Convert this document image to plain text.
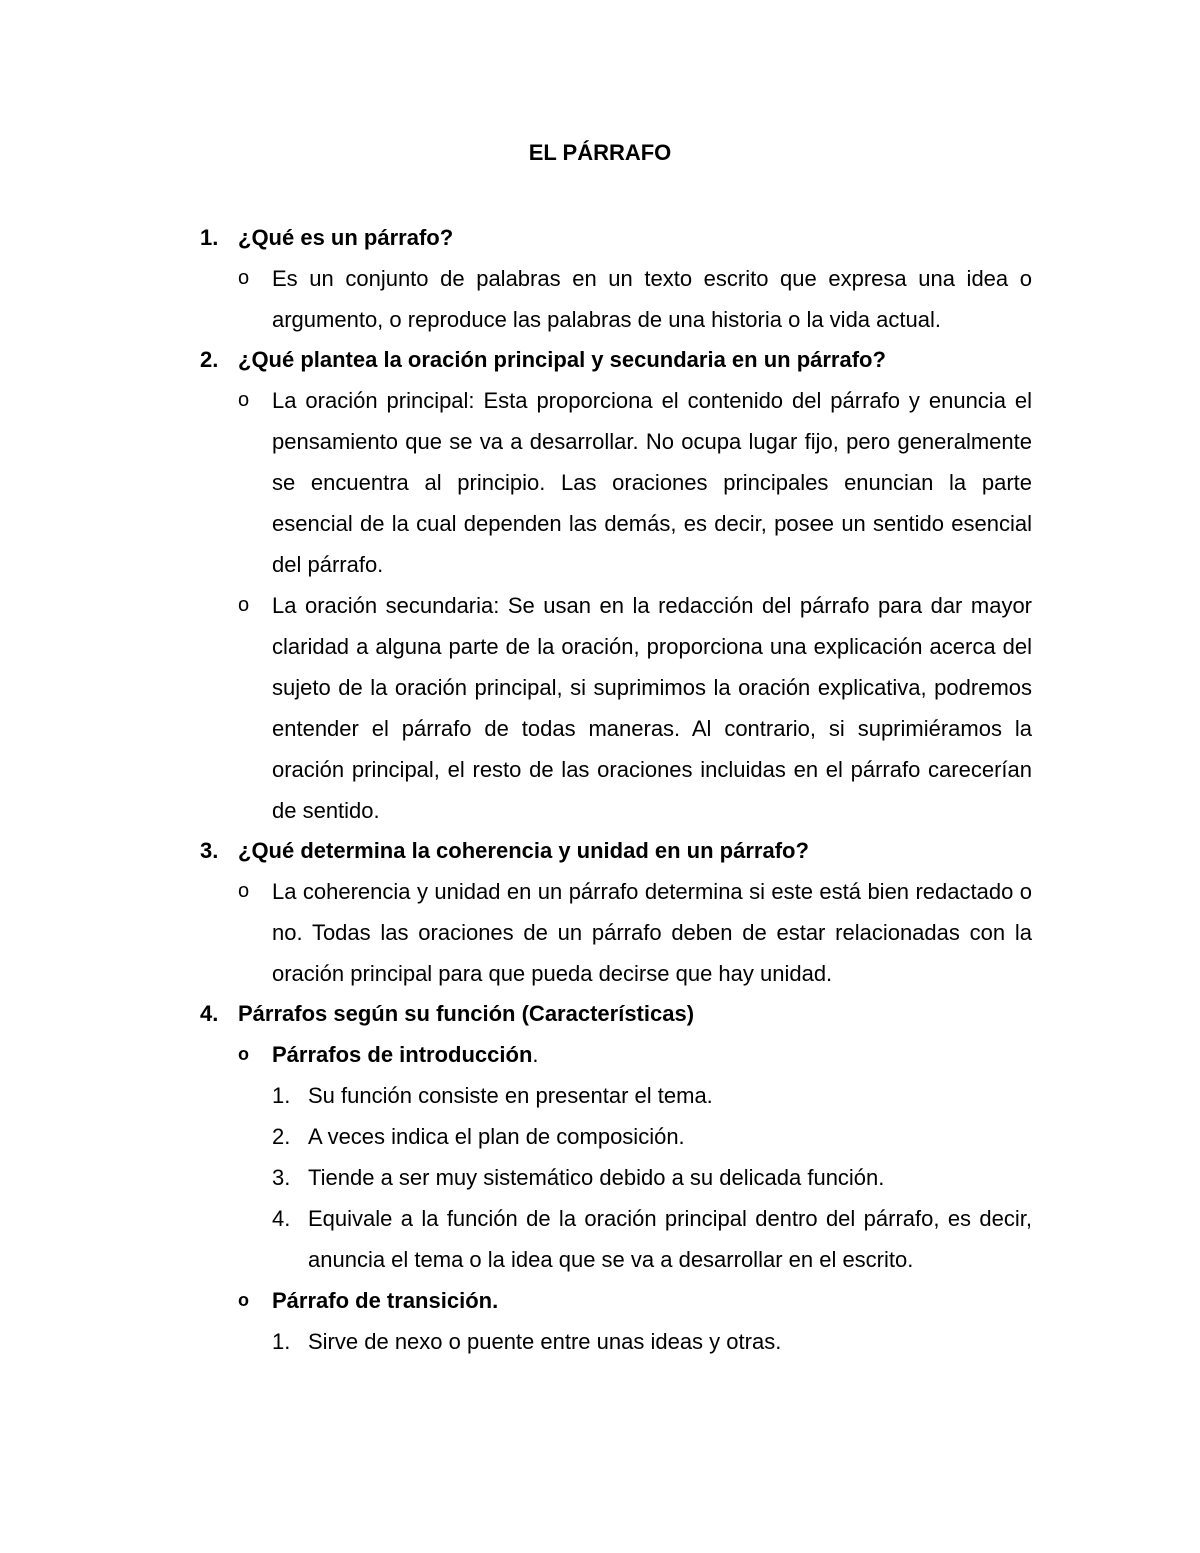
EL PÁRRAFO
1. ¿Qué es un párrafo?
o	Es un conjunto de palabras en un texto escrito que expresa una idea o argumento, o reproduce las palabras de una historia o la vida actual.
2. ¿Qué plantea la oración principal y secundaria en un párrafo?
o	La oración principal: Esta proporciona el contenido del párrafo y enuncia el pensamiento que se va a desarrollar. No ocupa lugar fijo, pero generalmente se encuentra al principio. Las oraciones principales enuncian la parte esencial de la cual dependen las demás, es decir, posee un sentido esencial del párrafo.
o	La oración secundaria: Se usan en la redacción del párrafo para dar mayor claridad a alguna parte de la oración, proporciona una explicación acerca del sujeto de la oración principal, si suprimimos la oración explicativa, podremos entender el párrafo de todas maneras. Al contrario, si suprimiéramos la oración principal, el resto de las oraciones incluidas en el párrafo carecerían de sentido.
3. ¿Qué determina la coherencia y unidad en un párrafo?
o	La coherencia y unidad en un párrafo determina si este está bien redactado o no. Todas las oraciones de un párrafo deben de estar relacionadas con la oración principal para que pueda decirse que hay unidad.
4. Párrafos según su función (Características)
o	Párrafos de introducción.
1. Su función consiste en presentar el tema.
2. A veces indica el plan de composición.
3. Tiende a ser muy sistemático debido a su delicada función.
4. Equivale a la función de la oración principal dentro del párrafo, es decir, anuncia el tema o la idea que se va a desarrollar en el escrito.
o	Párrafo de transición.
1. Sirve de nexo o puente entre unas ideas y otras.
